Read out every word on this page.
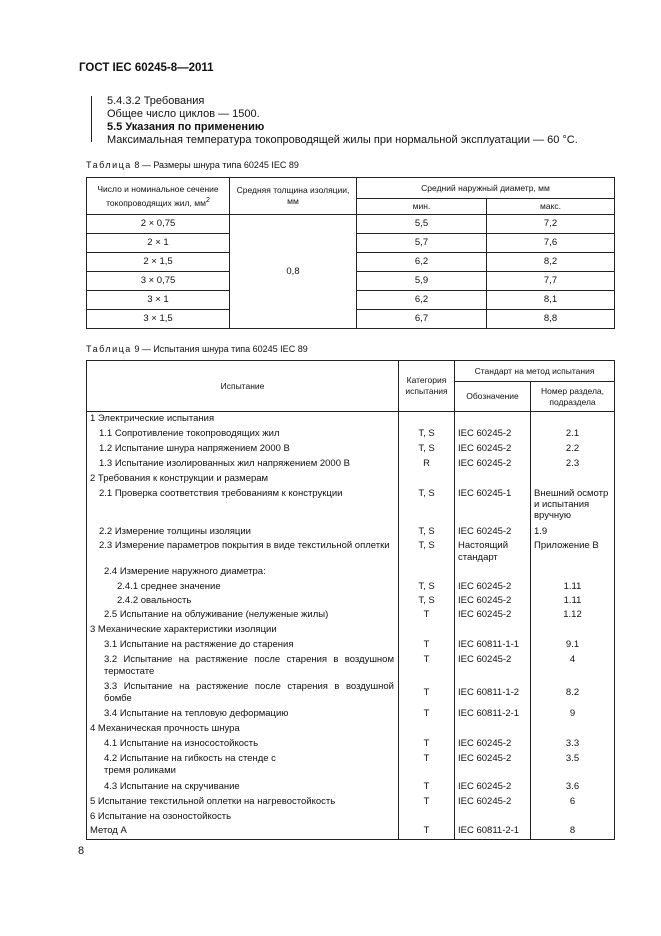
ГОСТ IEC 60245-8—2011
5.4.3.2 Требования
Общее число циклов — 1500.
5.5 Указания по применению
Максимальная температура токопроводящей жилы при нормальной эксплуатации — 60 °С.
Таблица 8 — Размеры шнура типа 60245 IEC 89
Число и номинальное сечение токопроводящих жил, $мм^2$	Средняя толщина изоляции, мм	Средний наружный диаметр, мм	
		мин.	макс.
2 × 0,75	0,8	5,5	7,2
2 × 1		5,7	7,6
2 × 1,5		6,2	8,2
3 × 0,75		5,9	7,7
3 × 1		6,2	8,1
3 × 1,5		6,7	8,8
Таблица 9 — Испытания шнура типа 60245 IEC 89
Испытание	Категория испытания	Стандарт на метод испытания	
		Обозначение	Номер раздела, подраздела
1 Электрические испытания			
1.1 Сопротивление токопроводящих жил	T, S	IEC 60245-2	2.1
1.2 Испытание шнура напряжением 2000 В	T, S	IEC 60245-2	2.2
1.3 Испытание изолированных жил напряжением 2000 В	R	IEC 60245-2	2.3
2 Требования к конструкции и размерам			
2.1 Проверка соответствия требованиям к конструкции	T, S	IEC 60245-1	Внешний осмотр и испытания вручную
2.2 Измерение толщины изоляции	T, S	IEC 60245-2	1.9
2.3 Измерение параметров покрытия в виде текстильной оплетки	T, S	Настоящий стандарт	Приложение В
2.4 Измерение наружного диаметра:			
2.4.1 среднее значение	T, S	IEC 60245-2	1.11
2.4.2 овальность	T, S	IEC 60245-2	1.11
2.5 Испытание на облуживание (нелуженые жилы)	T	IEC 60245-2	1.12
3 Механические характеристики изоляции			
3.1 Испытание на растяжение до старения	T	IEC 60811-1-1	9.1
3.2 Испытание на растяжение после старения в воздушном термостате	T	IEC 60245-2	4
3.3 Испытание на растяжение после старения в воздушной бомбе	T	IEC 60811-1-2	8.2
3.4 Испытание на тепловую деформацию	T	IEC 60811-2-1	9
4 Механическая прочность шнура			
4.1 Испытание на износостойкость	T	IEC 60245-2	3.3
4.2 Испытание на гибкость на стенде с тремя роликами	T	IEC 60245-2	3.5
4.3 Испытание на скручивание	T	IEC 60245-2	3.6
5 Испытание текстильной оплетки на нагревостойкость	T	IEC 60245-2	6
6 Испытание на озоностойкость			
Метод А	T	IEC 60811-2-1	8
8
